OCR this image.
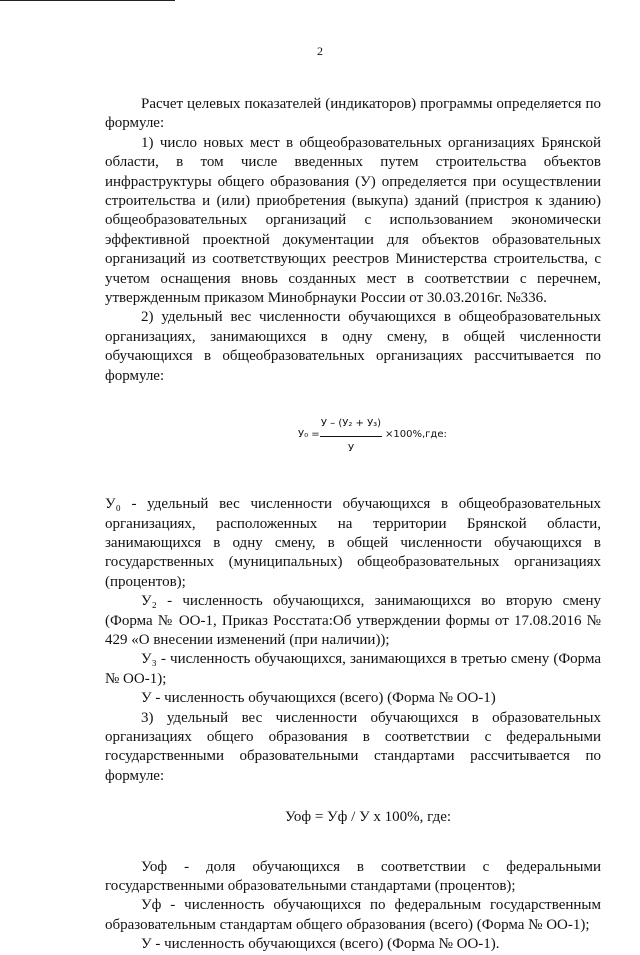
2

Расчет целевых показателей (индикаторов) программы определяется по формуле:

1) число новых мест в общеобразовательных организациях Брянской области, в том числе введенных путем строительства объектов инфраструктуры общего образования (У) определяется при осуществлении строительства и (или) приобретения (выкупа) зданий (пристроя к зданию) общеобразовательных организаций с использованием экономически эффективной проектной документации для объектов образовательных организаций из соответствующих реестров Министерства строительства, с учетом оснащения вновь созданных мест в соответствии с перечнем, утвержденным приказом Минобрнауки России от 30.03.2016г. №336.

2) удельный вес численности обучающихся в общеобразовательных организациях, занимающихся в одну смену, в общей численности обучающихся в общеобразовательных организациях рассчитывается по формуле:

У₀ =
У – (У₂ + У₃)
У
×100%,где:

У₀ - удельный вес численности обучающихся в общеобразовательных организациях, расположенных на территории Брянской области, занимающихся в одну смену, в общей численности обучающихся в государственных (муниципальных) общеобразовательных организациях (процентов);

У₂ - численность обучающихся, занимающихся во вторую смену (Форма № ОО-1, Приказ Росстата:Об утверждении формы от 17.08.2016 № 429 «О внесении изменений (при наличии));

У₃ - численность обучающихся, занимающихся в третью смену (Форма № ОО-1);

У - численность обучающихся (всего) (Форма № ОО-1)

3) удельный вес численности обучающихся в образовательных организациях общего образования в соответствии с федеральными государственными образовательными стандартами рассчитывается по формуле:

Уоф = Уф / У х 100%, где:

Уоф - доля обучающихся в соответствии с федеральными государственными образовательными стандартами (процентов);

Уф - численность обучающихся по федеральным государственным образовательным стандартам общего образования (всего) (Форма № ОО-1);

У - численность обучающихся (всего) (Форма № ОО-1).
